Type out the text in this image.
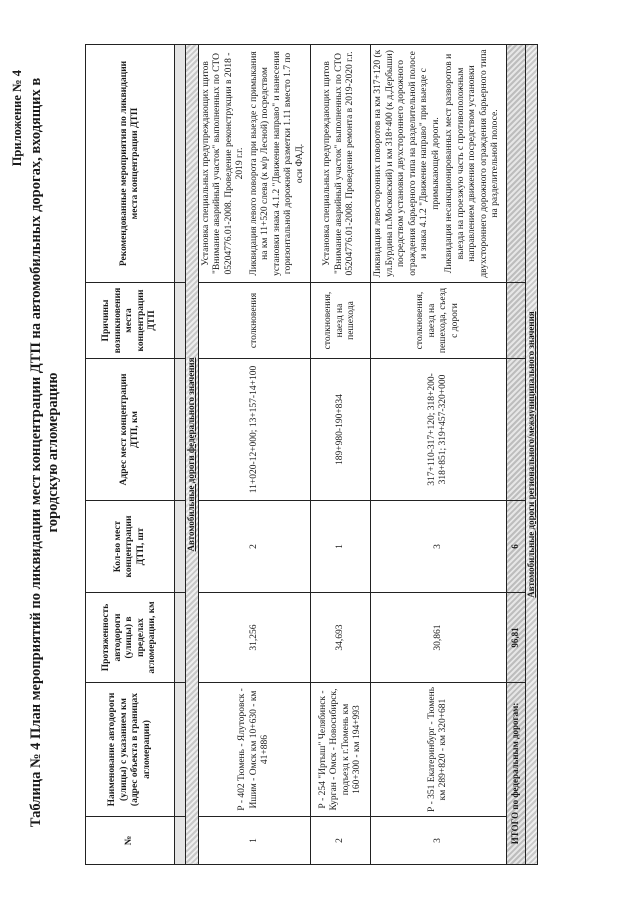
Приложение № 4 Таблица № 4 План мероприятий по ликвидации мест концентрации ДТП на автомобильных дорогах, входящих в городскую агломерацию
№	Наименование автодороги (улицы) с указанием км (адрес объекта в границах агломерации)	Протяженность автодороги (улицы) в пределах агломерации, км	Кол-во мест концентрации ДТП, шт	Адрес мест концентрации ДТП, км	Причины возникновения места концентрации ДТП	Рекомендованные мероприятия по ликвидации места концентрации ДТП

Автомобильные дороги федерального значения						
1	Р - 402 Тюмень - Ялуторовск - Ишим - Омск км 10+630 - км 41+886	31,256	2	11+020-12+000; 13+157-14+100	столкновения	Установка специальных предупреждающих щитов "Внимание аварийный участок" выполненных по СТО 05204776.01-2008. Проведение реконструкции в 2018 - 2019 г.г. Ликвидация левого поворота при выезде с примыкания на км 11+520 слева (к м/р Лесной) посредством установки знака 4.1.2 "Движение направо" и нанесения горизонтальной дорожной разметки 1.11 вместо 1.7 по оси ФАД.

2	Р - 254 "Иртыш" Челябинск - Курган - Омск - Новосибирск, подъезд к г.Тюмень км 160+300 - км 194+993	34,693	1	189+980-190+834	столкновения, наезд на пешехода	Установка специальных предупреждающих щитов "Внимание аварийный участок" выполненных по СТО 05204776.01-2008. Проведение ремонта в 2019-2020 г.г.

3	Р - 351 Екатеринбург - Тюмень км 289+820 - км 320+681	30,861	3	317+110-317+120; 318+200-318+851; 319+457-320+000	столкновения, наезд на пешехода, съезд с дороги	Ликвидация левосторонних поворотов на км 317+120 (к ул.Бурдина п.Московский) и км 318+400 (к д.Дербыши) посредством установки двухстороннего дорожного ограждения барьерного типа на разделительной полосе и знака 4.1.2 "Движение направо" при выезде с примыкающей дороги. Ликвидация несанкционированных мест разворотов и выезда на проезжую часть с противоположным направлением движения посредством установки двухстороннего дорожного ограждения барьерного типа на разделительной полосе.

ИТОГО по федеральным дорогам:		96,81	6			
Автомобильные дороги регионального/межмуниципального значения						
